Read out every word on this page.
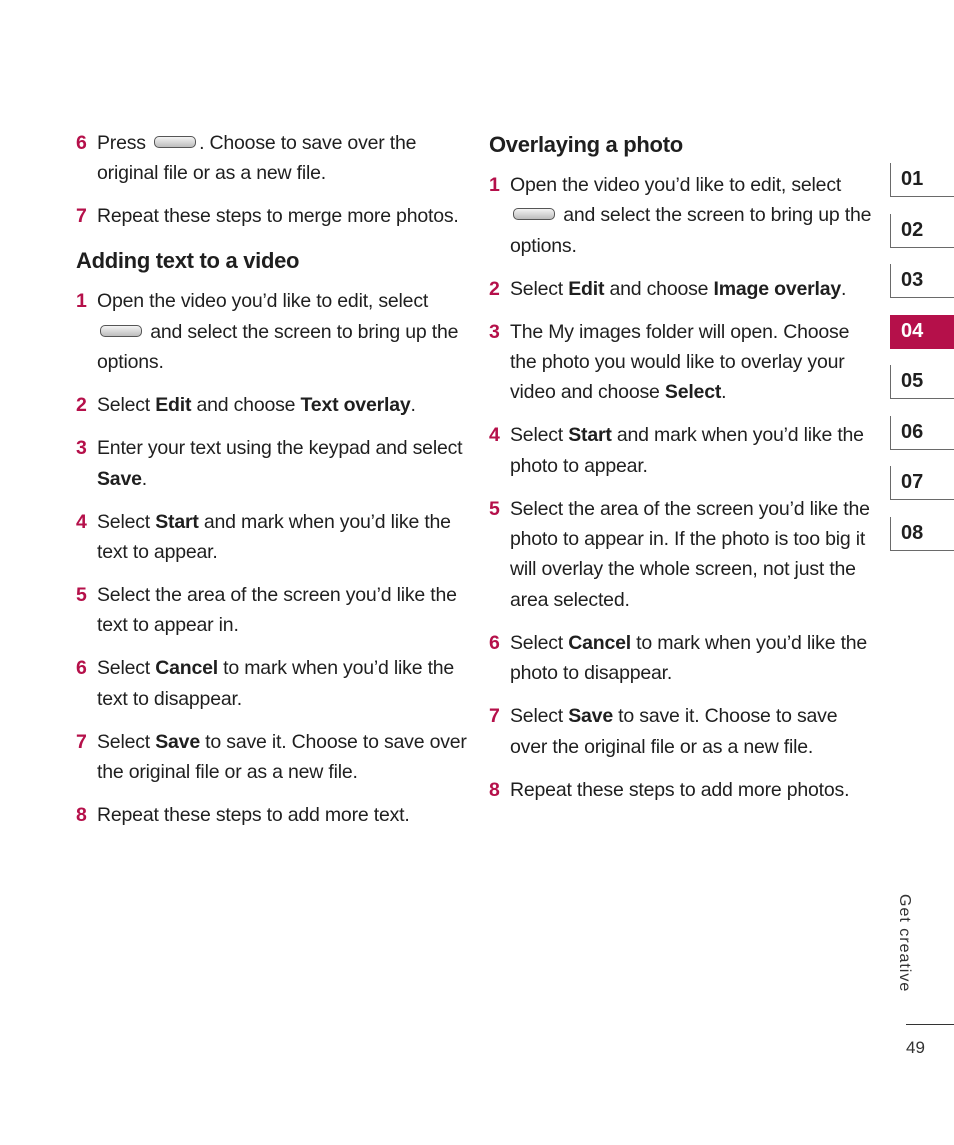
6 Press . Choose to save over the original file or as a new file.
7 Repeat these steps to merge more photos.
Adding text to a video
1 Open the video you’d like to edit, select  and select the screen to bring up the options.
2 Select Edit and choose Text overlay.
3 Enter your text using the keypad and select Save.
4 Select Start and mark when you’d like the text to appear.
5 Select the area of the screen you’d like the text to appear in.
6 Select Cancel to mark when you’d like the text to disappear.
7 Select Save to save it. Choose to save over the original file or as a new file.
8 Repeat these steps to add more text.
Overlaying a photo
1 Open the video you’d like to edit, select  and select the screen to bring up the options.
2 Select Edit and choose Image overlay.
3 The My images folder will open. Choose the photo you would like to overlay your video and choose Select.
4 Select Start and mark when you’d like the photo to appear.
5 Select the area of the screen you’d like the photo to appear in. If the photo is too big it will overlay the whole screen, not just the area selected.
6 Select Cancel to mark when you’d like the photo to disappear.
7 Select Save to save it. Choose to save over the original file or as a new file.
8 Repeat these steps to add more photos.
01
02
03
04
05
06
07
08
Get creative
49
